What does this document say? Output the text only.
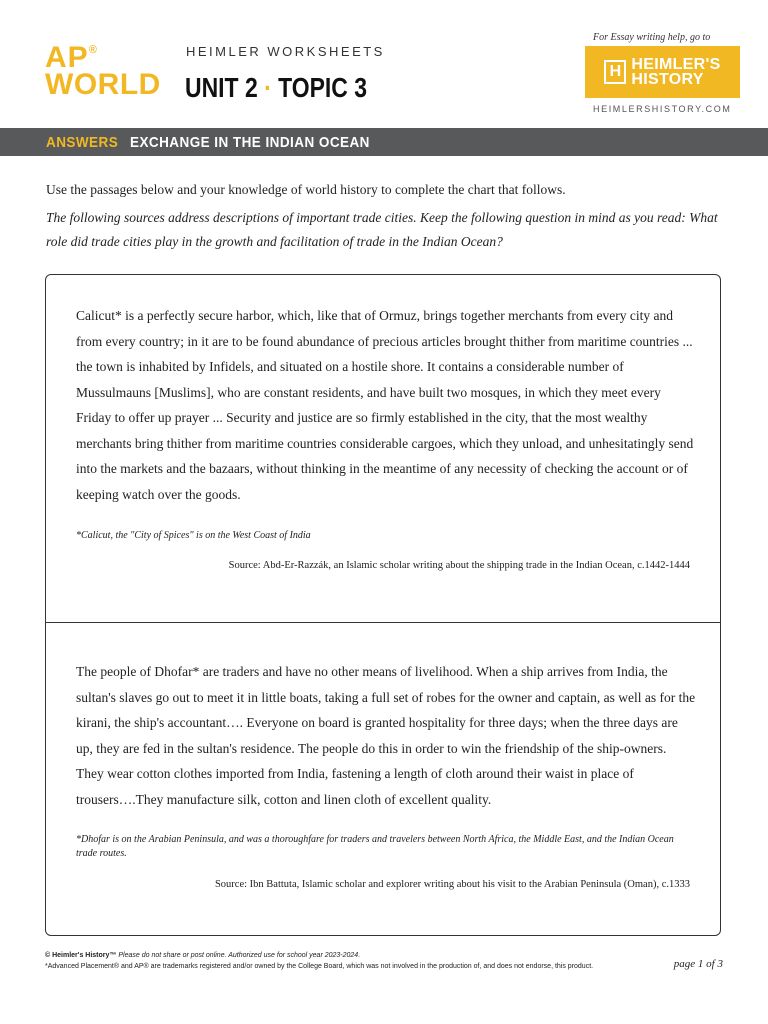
AP®
WORLD
HEIMLER WORKSHEETS
UNIT 2 · TOPIC 3
For Essay writing help, go to
H HEIMLER'S
HISTORY
HEIMLERSHISTORY.COM
ANSWERS EXCHANGE IN THE INDIAN OCEAN

Use the passages below and your knowledge of world history to complete the chart that follows.

The following sources address descriptions of important trade cities. Keep the following question in mind as you read: What role did trade cities play in the growth and facilitation of trade in the Indian Ocean?

Calicut* is a perfectly secure harbor, which, like that of Ormuz, brings together merchants from every city and from every country; in it are to be found abundance of precious articles brought thither from maritime countries ... the town is inhabited by Infidels, and situated on a hostile shore. It contains a considerable number of Mussulmauns [Muslims], who are constant residents, and have built two mosques, in which they meet every Friday to offer up prayer ... Security and justice are so firmly established in the city, that the most wealthy merchants bring thither from maritime countries considerable cargoes, which they unload, and unhesitatingly send into the markets and the bazaars, without thinking in the meantime of any necessity of checking the account or of keeping watch over the goods.

*Calicut, the "City of Spices" is on the West Coast of India

Source: Abd-Er-Razzák, an Islamic scholar writing about the shipping trade in the Indian Ocean, c.1442-1444

The people of Dhofar* are traders and have no other means of livelihood. When a ship arrives from India, the sultan's slaves go out to meet it in little boats, taking a full set of robes for the owner and captain, as well as for the kirani, the ship's accountant…. Everyone on board is granted hospitality for three days; when the three days are up, they are fed in the sultan's residence. The people do this in order to win the friendship of the ship-owners. They wear cotton clothes imported from India, fastening a length of cloth around their waist in place of trousers….They manufacture silk, cotton and linen cloth of excellent quality.

*Dhofar is on the Arabian Peninsula, and was a thoroughfare for traders and travelers between North Africa, the Middle East, and the Indian Ocean trade routes.

Source: Ibn Battuta, Islamic scholar and explorer writing about his visit to the Arabian Peninsula (Oman), c.1333

© Heimler's History™ Please do not share or post online. Authorized use for school year 2023-2024.
*Advanced Placement® and AP® are trademarks registered and/or owned by the College Board, which was not involved in the production of, and does not endorse, this product.	page 1 of 3
